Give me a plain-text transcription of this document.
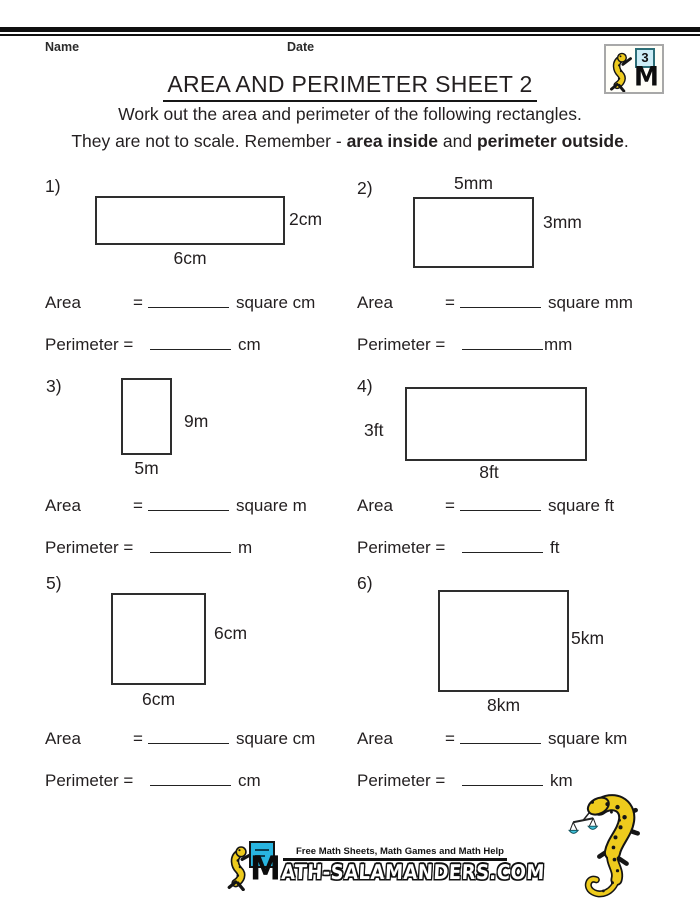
Name	Date
3
M
AREA AND PERIMETER SHEET 2
Work out the area and perimeter of the following rectangles.
They are not to scale. Remember - area inside and perimeter outside.
1)
2cm
6cm
2)	5mm
3mm
Area	=	square cm Area	=	square mm
Perimeter =	cm	Perimeter =	mm
3)
9m
5m
4)
3ft
8ft
Area	=	square m	Area	=	square ft
Perimeter =	m	Perimeter =	ft
5)
6cm
6cm
6)
5km
8km
Area	=	square cm Area	=	square km
Perimeter =	cm	Perimeter =	km
M Free Math Sheets, Math Games and Math Help
ATH-SALAMANDERS.COM
